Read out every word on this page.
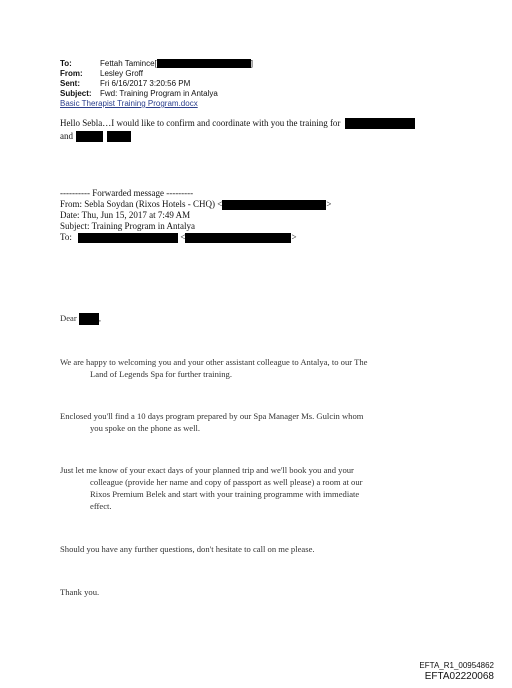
To:	Fettah Tamince[	]
From: Lesley Groff
Sent:	Fri 6/16/2017 3:20:56 PM
Subject: Fwd: Training Program in Antalya
Basic Therapist Training Program.docx
Hello Sebla…I would like to confirm and coordinate with you the training for
and
---------- Forwarded message ---------
From: Sebla Soydan (Rixos Hotels - CHQ) <	>
Date: Thu, Jun 15, 2017 at 7:49 AM
Subject: Training Program in Antalya
To:	<	>
Dear	,
We are happy to welcoming you and your other assistant colleague to Antalya, to our The
Land of Legends Spa for further training.
Enclosed you'll find a 10 days program prepared by our Spa Manager Ms. Gulcin whom
you spoke on the phone as well.
Just let me know of your exact days of your planned trip and we'll book you and your
colleague (provide her name and copy of passport as well please) a room at our
Rixos Premium Belek and start with your training programme with immediate
effect.
Should you have any further questions, don't hesitate to call on me please.
Thank you.
EFTA_R1_00954862
EFTA02220068
